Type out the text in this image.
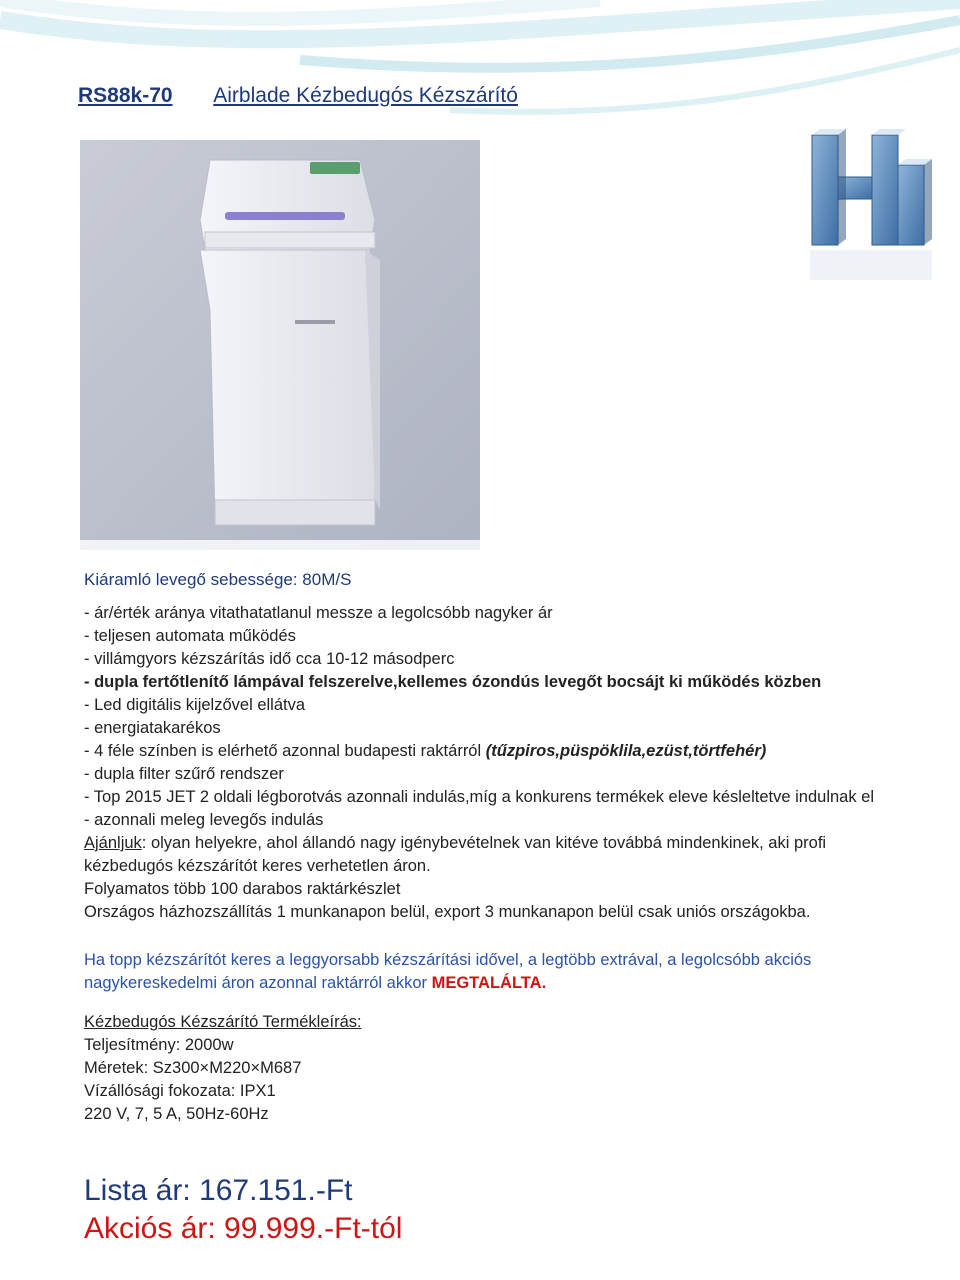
RS88k-70 Airblade Kézbedugós Kézszárító
Kiáramló levegő sebessége: 80M/S

- ár/érték aránya vitathatatlanul messze a legolcsóbb nagyker ár

- teljesen automata működés

- villámgyors kézszárítás idő cca 10-12 másodperc

- dupla fertőtlenítő lámpával felszerelve,kellemes ózondús levegőt bocsájt ki működés közben

- Led digitális kijelzővel ellátva

- energiatakarékos

- 4 féle színben is elérhető azonnal budapesti raktárról (tűzpiros,püspöklila,ezüst,törtfehér)

- dupla filter szűrő rendszer

- Top 2015 JET 2 oldali légborotvás azonnali indulás,míg a konkurens termékek eleve késleltetve indulnak el

- azonnali meleg levegős indulás

Ajánljuk: olyan helyekre, ahol állandó nagy igénybevételnek van kitéve továbbá mindenkinek, aki profi kézbedugós kézszárítót keres verhetetlen áron.

Folyamatos több 100 darabos raktárkészlet

Országos házhozszállítás 1 munkanapon belül, export 3 munkanapon belül csak uniós országokba.

Ha topp kézszárítót keres a leggyorsabb kézszárítási idővel, a legtöbb extrával, a legolcsóbb akciós nagykereskedelmi áron azonnal raktárról akkor MEGTALÁLTA.
Kézbedugós Kézszárító Termékleírás:
Teljesítmény: 2000w
Méretek: Sz300×M220×M687
Vízállósági fokozata: IPX1
220 V, 7, 5 A, 50Hz-60Hz
Lista ár: 167.151.-Ft
Akciós ár: 99.999.-Ft-tól
